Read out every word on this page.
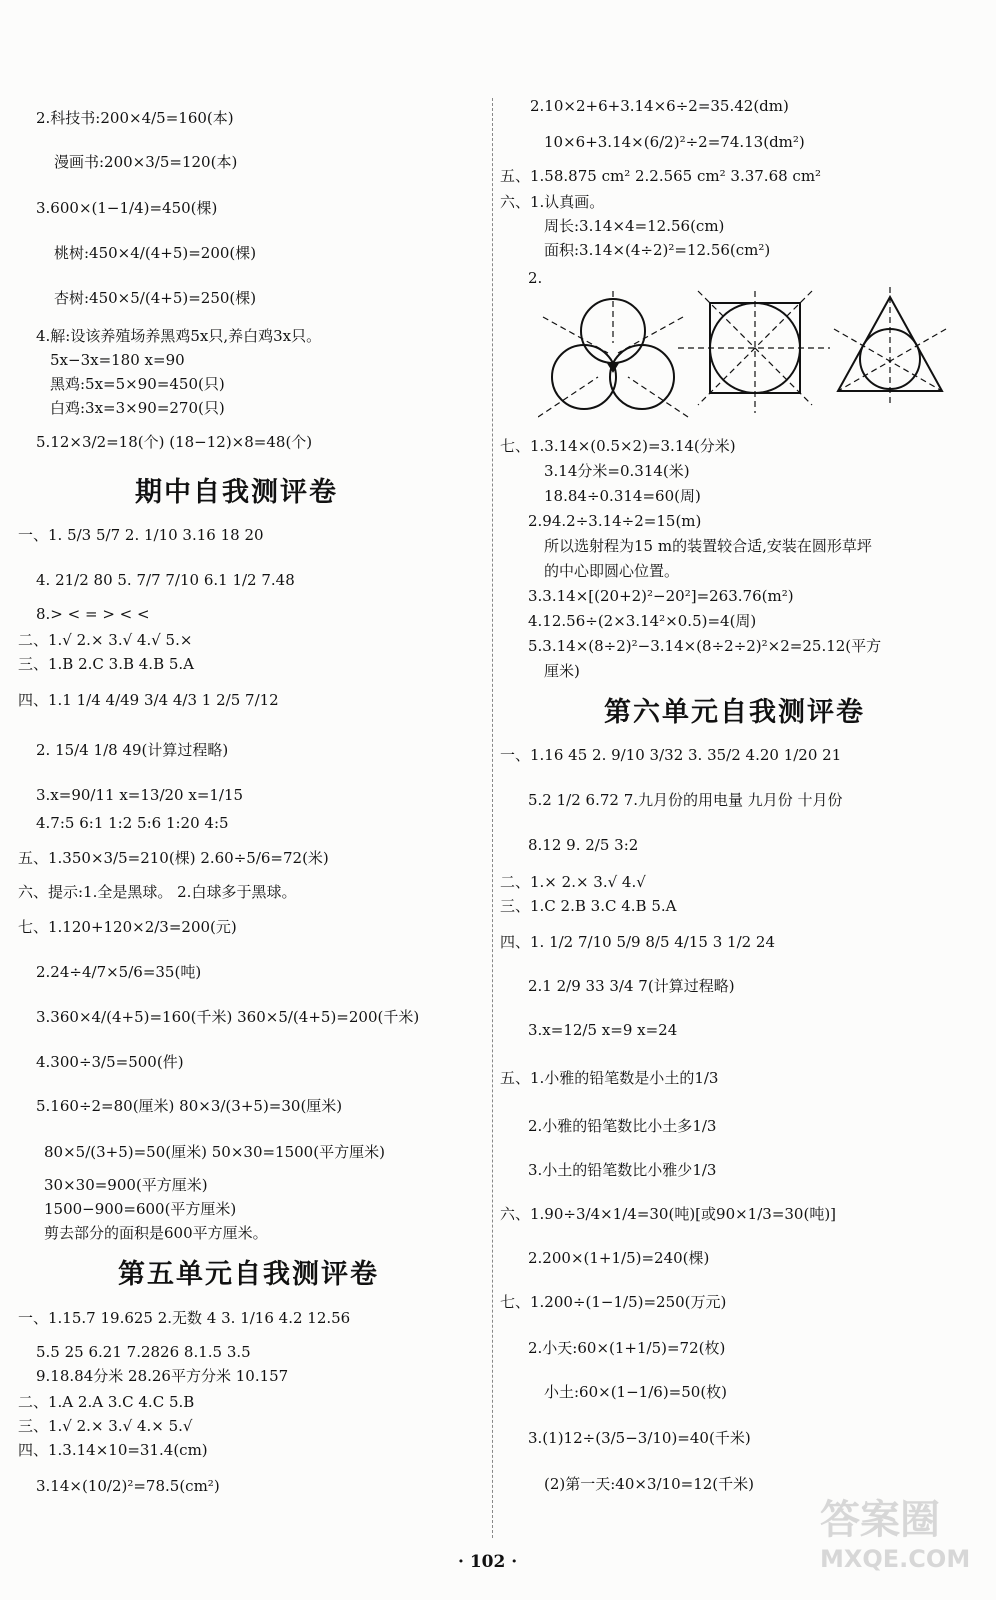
2.科技书:200×4/5=160(本)
漫画书:200×3/5=120(本)
3.600×(1−1/4)=450(棵)
桃树:450×4/(4+5)=200(棵)
杏树:450×5/(4+5)=250(棵)
4.解:设该养殖场养黑鸡5x只,养白鸡3x只。
5x−3x=180 x=90
黑鸡:5x=5×90=450(只)
白鸡:3x=3×90=270(只)
5.12×3/2=18(个) (18−12)×8=48(个)
一、1. 5/3 5/7 2. 1/10 3.16 18 20
4. 21/2 80 5. 7/7 7/10 6.1 1/2 7.48
8.> < = > < <
二、1.√ 2.× 3.√ 4.√ 5.×
三、1.B 2.C 3.B 4.B 5.A
四、1.1 1/4 4/49 3/4 4/3 1 2/5 7/12
2. 15/4 1/8 49(计算过程略)
3.x=90/11 x=13/20 x=1/15
4.7:5 6:1 1:2 5:6 1:20 4:5
五、1.350×3/5=210(棵) 2.60÷5/6=72(米)
六、提示:1.全是黑球。 2.白球多于黑球。
七、1.120+120×2/3=200(元)
2.24÷4/7×5/6=35(吨)
3.360×4/(4+5)=160(千米) 360×5/(4+5)=200(千米)
4.300÷3/5=500(件)
5.160÷2=80(厘米) 80×3/(3+5)=30(厘米)
80×5/(3+5)=50(厘米) 50×30=1500(平方厘米)
30×30=900(平方厘米)
1500−900=600(平方厘米)
剪去部分的面积是600平方厘米。
一、1.15.7 19.625 2.无数 4 3. 1/16 4.2 12.56
5.5 25 6.21 7.2826 8.1.5 3.5
9.18.84分米 28.26平方分米 10.157
二、1.A 2.A 3.C 4.C 5.B
三、1.√ 2.× 3.√ 4.× 5.√
四、1.3.14×10=31.4(cm)
3.14×(10/2)²=78.5(cm²)
2.10×2+6+3.14×6÷2=35.42(dm)
10×6+3.14×(6/2)²÷2=74.13(dm²)
五、1.58.875 cm² 2.2.565 cm² 3.37.68 cm²
六、1.认真画。
周长:3.14×4=12.56(cm)
面积:3.14×(4÷2)²=12.56(cm²)
2.
七、1.3.14×(0.5×2)=3.14(分米)
3.14分米=0.314(米)
18.84÷0.314=60(周)
2.94.2÷3.14÷2=15(m)
所以选射程为15 m的装置较合适,安装在圆形草坪
的中心即圆心位置。
3.3.14×[(20+2)²−20²]=263.76(m²)
4.12.56÷(2×3.14²×0.5)=4(周)
5.3.14×(8÷2)²−3.14×(8÷2÷2)²×2=25.12(平方
厘米)
一、1.16 45 2. 9/10 3/32 3. 35/2 4.20 1/20 21
5.2 1/2 6.72 7.九月份的用电量 九月份 十月份
8.12 9. 2/5 3:2
二、1.× 2.× 3.√ 4.√
三、1.C 2.B 3.C 4.B 5.A
四、1. 1/2 7/10 5/9 8/5 4/15 3 1/2 24
2.1 2/9 33 3/4 7(计算过程略)
3.x=12/5 x=9 x=24
五、1.小雅的铅笔数是小土的1/3
2.小雅的铅笔数比小土多1/3
3.小土的铅笔数比小雅少1/3
六、1.90÷3/4×1/4=30(吨)[或90×1/3=30(吨)]
2.200×(1+1/5)=240(棵)
七、1.200÷(1−1/5)=250(万元)
2.小天:60×(1+1/5)=72(枚)
小土:60×(1−1/6)=50(枚)
3.(1)12÷(3/5−3/10)=40(千米)
(2)第一天:40×3/10=12(千米)
期中自我测评卷
第五单元自我测评卷
第六单元自我测评卷
· 102 ·
答案圈
MXQE.COM
